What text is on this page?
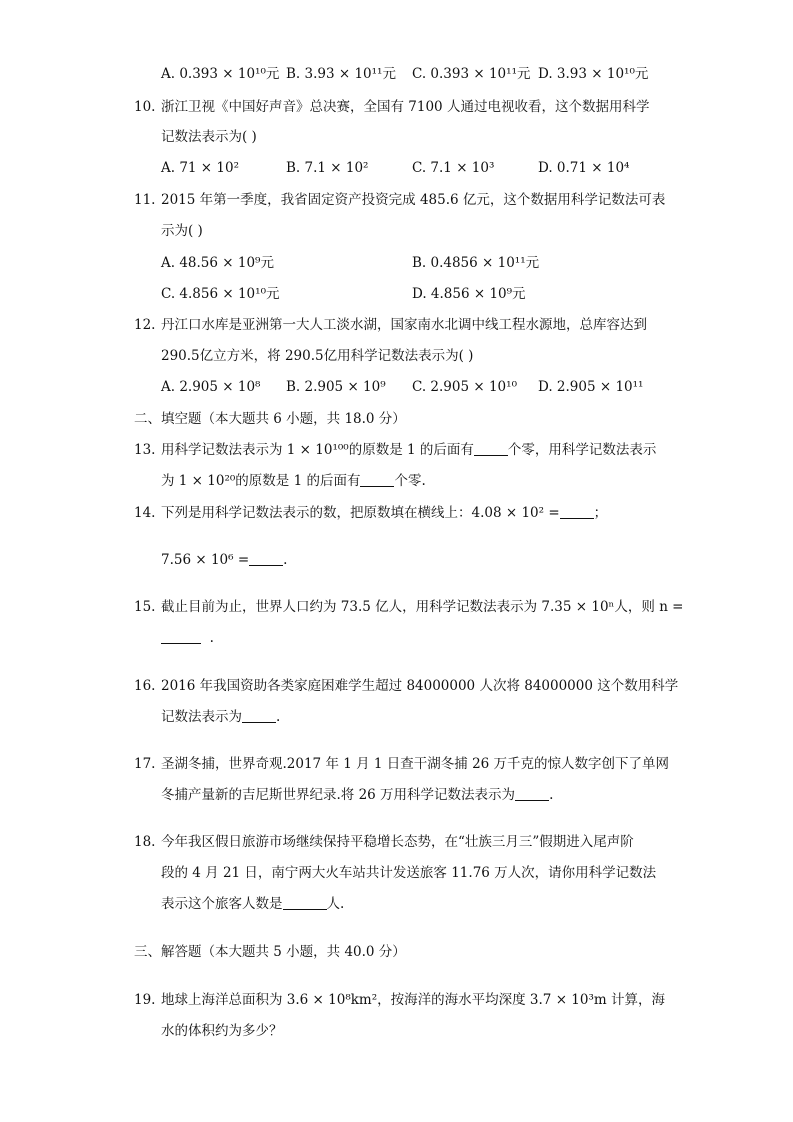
A. 0.393 × 10¹⁰元 B. 3.93 × 10¹¹元 C. 0.393 × 10¹¹元 D. 3.93 × 10¹⁰元
10. 浙江卫视《中国好声音》总决赛，全国有 7100 人通过电视收看，这个数据用科学
记数法表示为( )
A. 71 × 10²	B. 7.1 × 10²	C. 7.1 × 10³	D. 0.71 × 10⁴
11. 2015 年第一季度，我省固定资产投资完成 485.6 亿元，这个数据用科学记数法可表
示为( )
A. 48.56 × 10⁹元	B. 0.4856 × 10¹¹元
C. 4.856 × 10¹⁰元	D. 4.856 × 10⁹元
12. 丹江口水库是亚洲第一大人工淡水湖，国家南水北调中线工程水源地，总库容达到
290.5亿立方米，将 290.5亿用科学记数法表示为( )
A. 2.905 × 10⁸ B. 2.905 × 10⁹ C. 2.905 × 10¹⁰ D. 2.905 × 10¹¹
二、填空题（本大题共 6 小题，共 18.0 分）
13. 用科学记数法表示为 1 × 10¹⁰⁰的原数是 1 的后面有	个零，用科学记数法表示
为 1 × 10²⁰的原数是 1 的后面有	个零.
14. 下列是用科学记数法表示的数，把原数填在横线上：4.08 × 10² =	；
7.56 × 10⁶ =	.
15. 截止目前为止，世界人口约为 73.5 亿人，用科学记数法表示为 7.35 × 10ⁿ人，则 n =
.
16. 2016 年我国资助各类家庭困难学生超过 84000000 人次将 84000000 这个数用科学
记数法表示为	.
17. 圣湖冬捕，世界奇观.2017 年 1 月 1 日查干湖冬捕 26 万千克的惊人数字创下了单网
冬捕产量新的吉尼斯世界纪录.将 26 万用科学记数法表示为	.
18. 今年我区假日旅游市场继续保持平稳增长态势，在“壮族三月三”假期进入尾声阶
段的 4 月 21 日，南宁两大火车站共计发送旅客 11.76 万人次，请你用科学记数法
表示这个旅客人数是	人.
三、解答题（本大题共 5 小题，共 40.0 分）
19. 地球上海洋总面积为 3.6 × 10⁸km²，按海洋的海水平均深度 3.7 × 10³m 计算，海
水的体积约为多少？
